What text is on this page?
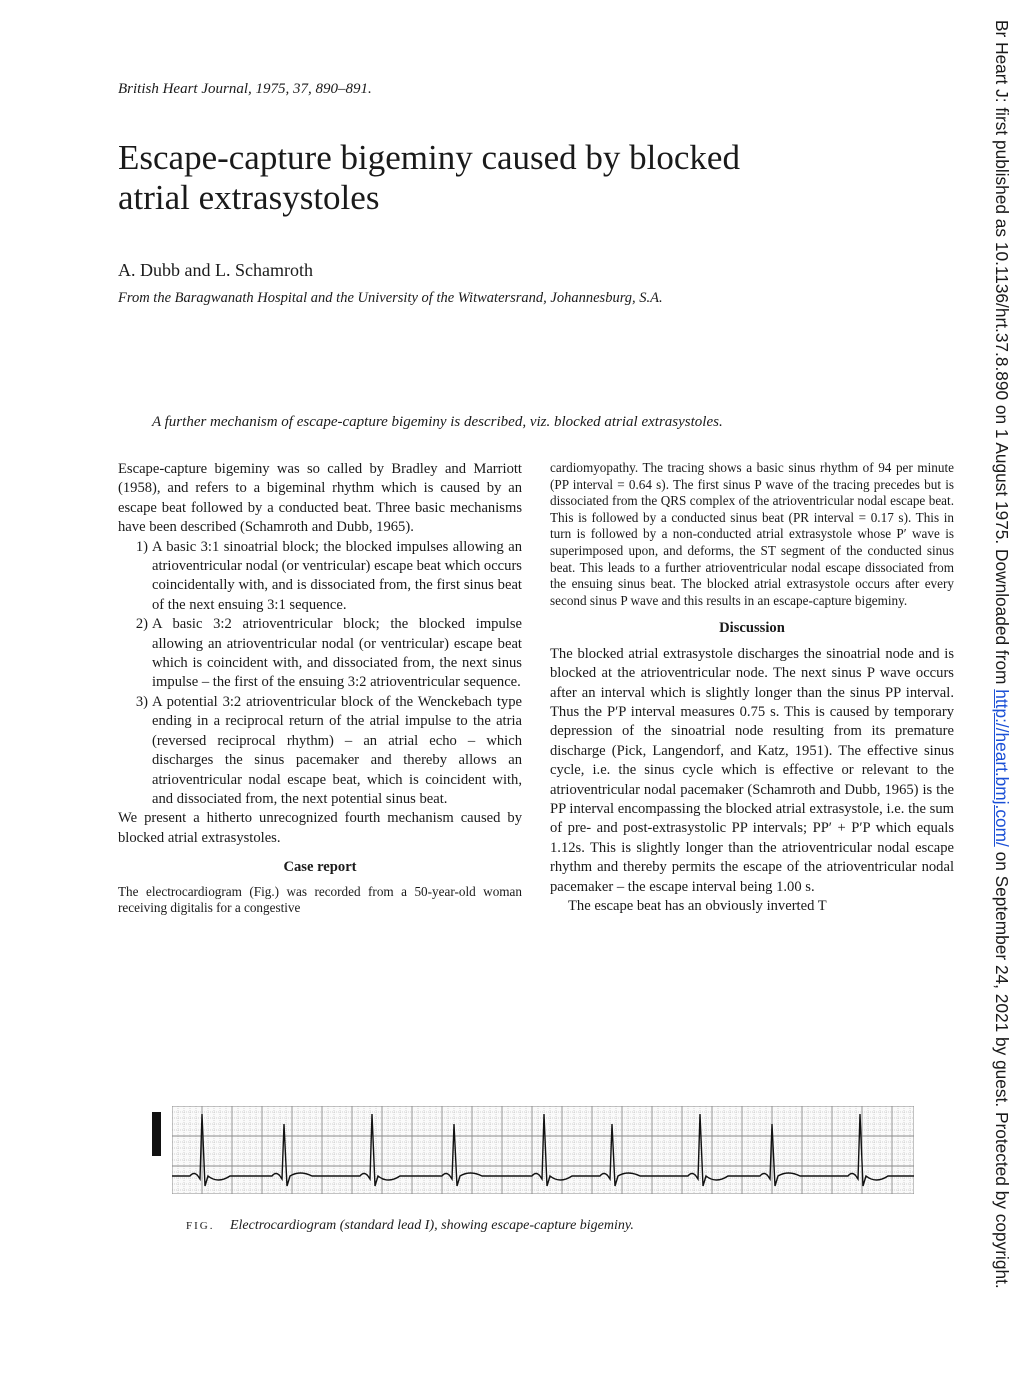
British Heart Journal, 1975, 37, 890–891.
Escape-capture bigeminy caused by blocked
atrial extrasystoles
A. Dubb and L. Schamroth
From the Baragwanath Hospital and the University of the Witwatersrand, Johannesburg, S.A.
A further mechanism of escape-capture bigeminy is described, viz. blocked atrial extrasystoles.

Escape-capture bigeminy was so called by Bradley and Marriott (1958), and refers to a bigeminal rhythm which is caused by an escape beat followed by a conducted beat. Three basic mechanisms have been described (Schamroth and Dubb, 1965).

1) A basic 3:1 sinoatrial block; the blocked impulses allowing an atrioventricular nodal (or ventricular) escape beat which occurs coincidentally with, and is dissociated from, the first sinus beat of the next ensuing 3:1 sequence.
2) A basic 3:2 atrioventricular block; the blocked impulse allowing an atrioventricular nodal (or ventricular) escape beat which is coincident with, and dissociated from, the next sinus impulse – the first of the ensuing 3:2 atrioventricular sequence.
3) A potential 3:2 atrioventricular block of the Wenckebach type ending in a reciprocal return of the atrial impulse to the atria (reversed reciprocal rhythm) – an atrial echo – which discharges the sinus pacemaker and thereby allows an atrioventricular nodal escape beat, which is coincident with, and dissociated from, the next potential sinus beat.

We present a hitherto unrecognized fourth mechanism caused by blocked atrial extrasystoles.

Case report

The electrocardiogram (Fig.) was recorded from a 50-year-old woman receiving digitalis for a congestive

cardiomyopathy. The tracing shows a basic sinus rhythm of 94 per minute (PP interval = 0.64 s). The first sinus P wave of the tracing precedes but is dissociated from the QRS complex of the atrioventricular nodal escape beat. This is followed by a conducted sinus beat (PR interval = 0.17 s). This in turn is followed by a non-conducted atrial extrasystole whose P′ wave is superimposed upon, and deforms, the ST segment of the conducted sinus beat. This leads to a further atrioventricular nodal escape dissociated from the ensuing sinus beat. The blocked atrial extrasystole occurs after every second sinus P wave and this results in an escape-capture bigeminy.

Discussion

The blocked atrial extrasystole discharges the sinoatrial node and is blocked at the atrioventricular node. The next sinus P wave occurs after an interval which is slightly longer than the sinus PP interval. Thus the P′P interval measures 0.75 s. This is caused by temporary depression of the sinoatrial node resulting from its premature discharge (Pick, Langendorf, and Katz, 1951). The effective sinus cycle, i.e. the sinus cycle which is effective or relevant to the atrioventricular nodal pacemaker (Schamroth and Dubb, 1965) is the PP interval encompassing the blocked atrial extrasystole, i.e. the sum of pre- and post-extrasystolic PP intervals; PP′ + P′P which equals 1.12s. This is slightly longer than the atrioventricular nodal escape rhythm and thereby permits the escape of the atrioventricular nodal pacemaker – the escape interval being 1.00 s.

The escape beat has an obviously inverted T

FIG. Electrocardiogram (standard lead I), showing escape-capture bigeminy.
Br Heart J: first published as 10.1136/hrt.37.8.890 on 1 August 1975. Downloaded from http://heart.bmj.com/ on September 24, 2021 by guest. Protected by copyright.
